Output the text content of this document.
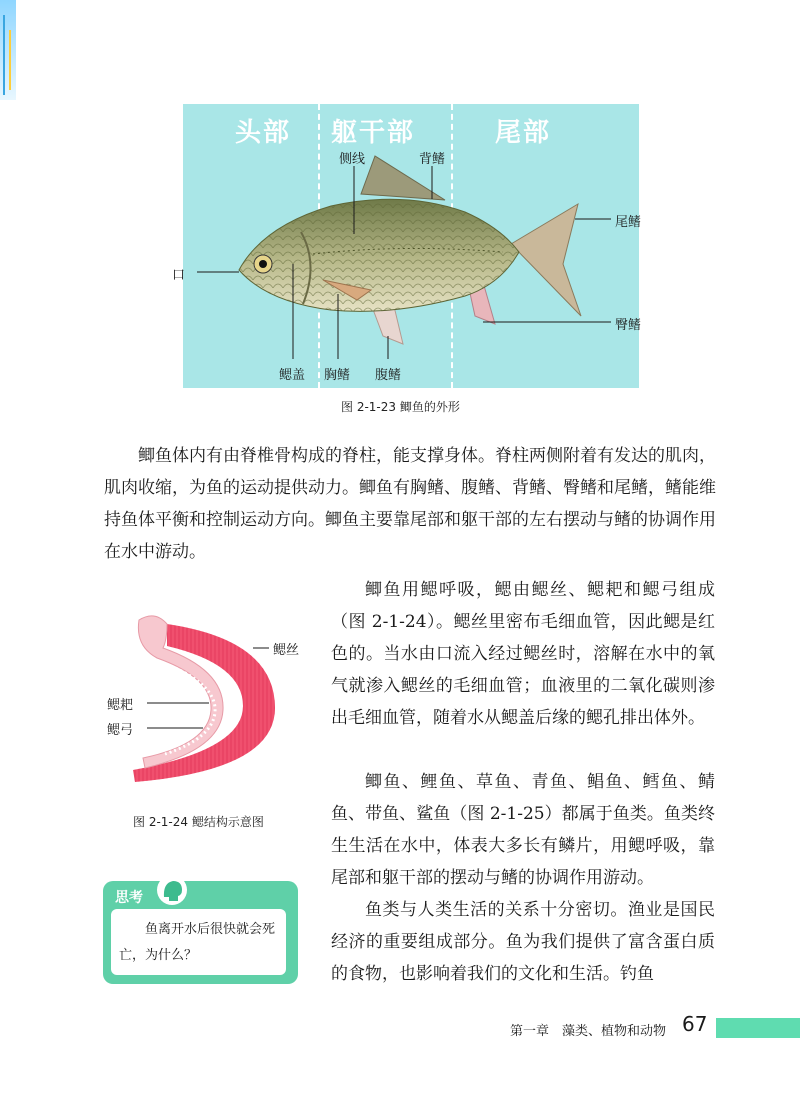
头部 躯干部	尾部
口
侧线	背鳍
尾鳍
臀鳍
鳃盖 胸鳍 腹鳍
图 2-1-23 鲫鱼的外形

鲫鱼体内有由脊椎骨构成的脊柱，能支撑身体。脊柱两侧附着有发达的肌肉，肌肉收缩，为鱼的运动提供动力。鲫鱼有胸鳍、腹鳍、背鳍、臀鳍和尾鳍，鳍能维持鱼体平衡和控制运动方向。鲫鱼主要靠尾部和躯干部的左右摆动与鳍的协调作用在水中游动。

鳃丝
鳃耙
鳃弓
图 2-1-24 鳃结构示意图

鲫鱼用鳃呼吸，鳃由鳃丝、鳃耙和鳃弓组成（图 2-1-24）。鳃丝里密布毛细血管，因此鳃是红色的。当水由口流入经过鳃丝时，溶解在水中的氧气就渗入鳃丝的毛细血管；血液里的二氧化碳则渗出毛细血管，随着水从鳃盖后缘的鳃孔排出体外。

鲫鱼、鲤鱼、草鱼、青鱼、鲳鱼、鳕鱼、鲭鱼、带鱼、鲨鱼（图 2-1-25）都属于鱼类。鱼类终生生活在水中，体表大多长有鳞片，用鳃呼吸，靠尾部和躯干部的摆动与鳍的协调作用游动。

鱼类与人类生活的关系十分密切。渔业是国民经济的重要组成部分。鱼为我们提供了富含蛋白质的食物，也影响着我们的文化和生活。钓鱼

思考

鱼离开水后很快就会死亡，为什么？

第一章　藻类、植物和动物 67
